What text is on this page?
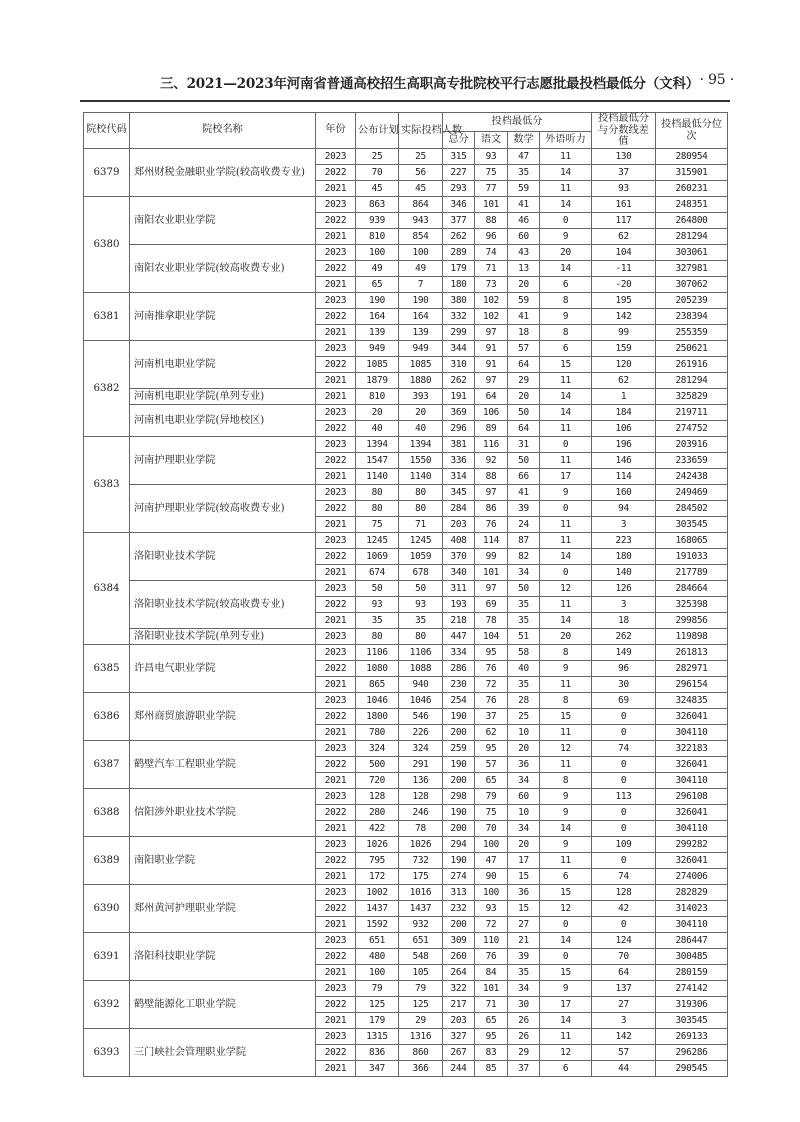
三、2021—2023年河南省普通高校招生高职高专批院校平行志愿批最投档最低分（文科） · 95 ·
院校代码	院校名称	年份	公布计划	实际投档人数	投档最低分				投档最低分与分数线差值	投档最低分位次
					总分	语文	数学	外语听力		
6379	郑州财税金融职业学院(较高收费专业)	2023	25	25	315	93	47	11	130	280954
		2022	70	56	227	75	35	14	37	315901
		2021	45	45	293	77	59	11	93	260231
6380	南阳农业职业学院	2023	863	864	346	101	41	14	161	248351
		2022	939	943	377	88	46	0	117	264800
		2021	810	854	262	96	60	9	62	281294
	南阳农业职业学院(较高收费专业)	2023	100	100	289	74	43	20	104	303061
		2022	49	49	179	71	13	14	-11	327981
		2021	65	7	180	73	20	6	-20	307062
6381	河南推拿职业学院	2023	190	190	380	102	59	8	195	205239
		2022	164	164	332	102	41	9	142	238394
		2021	139	139	299	97	18	8	99	255359
6382	河南机电职业学院	2023	949	949	344	91	57	6	159	250621
		2022	1085	1085	310	91	64	15	120	261916
		2021	1879	1880	262	97	29	11	62	281294
	河南机电职业学院(单列专业)	2021	810	393	191	64	20	14	1	325829
	河南机电职业学院(异地校区)	2023	20	20	369	106	50	14	184	219711
		2022	40	40	296	89	64	11	106	274752
6383	河南护理职业学院	2023	1394	1394	381	116	31	0	196	203916
		2022	1547	1550	336	92	50	11	146	233659
		2021	1140	1140	314	88	66	17	114	242438
	河南护理职业学院(较高收费专业)	2023	80	80	345	97	41	9	160	249469
		2022	80	80	284	86	39	0	94	284502
		2021	75	71	203	76	24	11	3	303545
6384	洛阳职业技术学院	2023	1245	1245	408	114	87	11	223	168065
		2022	1069	1059	370	99	82	14	180	191033
		2021	674	678	340	101	34	0	140	217789
	洛阳职业技术学院(较高收费专业)	2023	50	50	311	97	50	12	126	284664
		2022	93	93	193	69	35	11	3	325398
		2021	35	35	218	78	35	14	18	299856
	洛阳职业技术学院(单列专业)	2023	80	80	447	104	51	20	262	119898
6385	许昌电气职业学院	2023	1106	1106	334	95	58	8	149	261813
		2022	1080	1088	286	76	40	9	96	282971
		2021	865	940	230	72	35	11	30	296154
6386	郑州商贸旅游职业学院	2023	1046	1046	254	76	28	8	69	324835
		2022	1800	546	190	37	25	15	0	326041
		2021	780	226	200	62	10	11	0	304110
6387	鹤壁汽车工程职业学院	2023	324	324	259	95	20	12	74	322183
		2022	500	291	190	57	36	11	0	326041
		2021	720	136	200	65	34	8	0	304110
6388	信阳涉外职业技术学院	2023	128	128	298	79	60	9	113	296108
		2022	280	246	190	75	10	9	0	326041
		2021	422	78	200	70	34	14	0	304110
6389	南阳职业学院	2023	1026	1026	294	100	20	9	109	299282
		2022	795	732	190	47	17	11	0	326041
		2021	172	175	274	90	15	6	74	274006
6390	郑州黄河护理职业学院	2023	1002	1016	313	100	36	15	128	282829
		2022	1437	1437	232	93	15	12	42	314023
		2021	1592	932	200	72	27	0	0	304110
6391	洛阳科技职业学院	2023	651	651	309	110	21	14	124	286447
		2022	480	548	260	76	39	0	70	300485
		2021	100	105	264	84	35	15	64	280159
6392	鹤壁能源化工职业学院	2023	79	79	322	101	34	9	137	274142
		2022	125	125	217	71	30	17	27	319306
		2021	179	29	203	65	26	14	3	303545
6393	三门峡社会管理职业学院	2023	1315	1316	327	95	26	11	142	269133
		2022	836	860	267	83	29	12	57	296286
		2021	347	366	244	85	37	6	44	290545
